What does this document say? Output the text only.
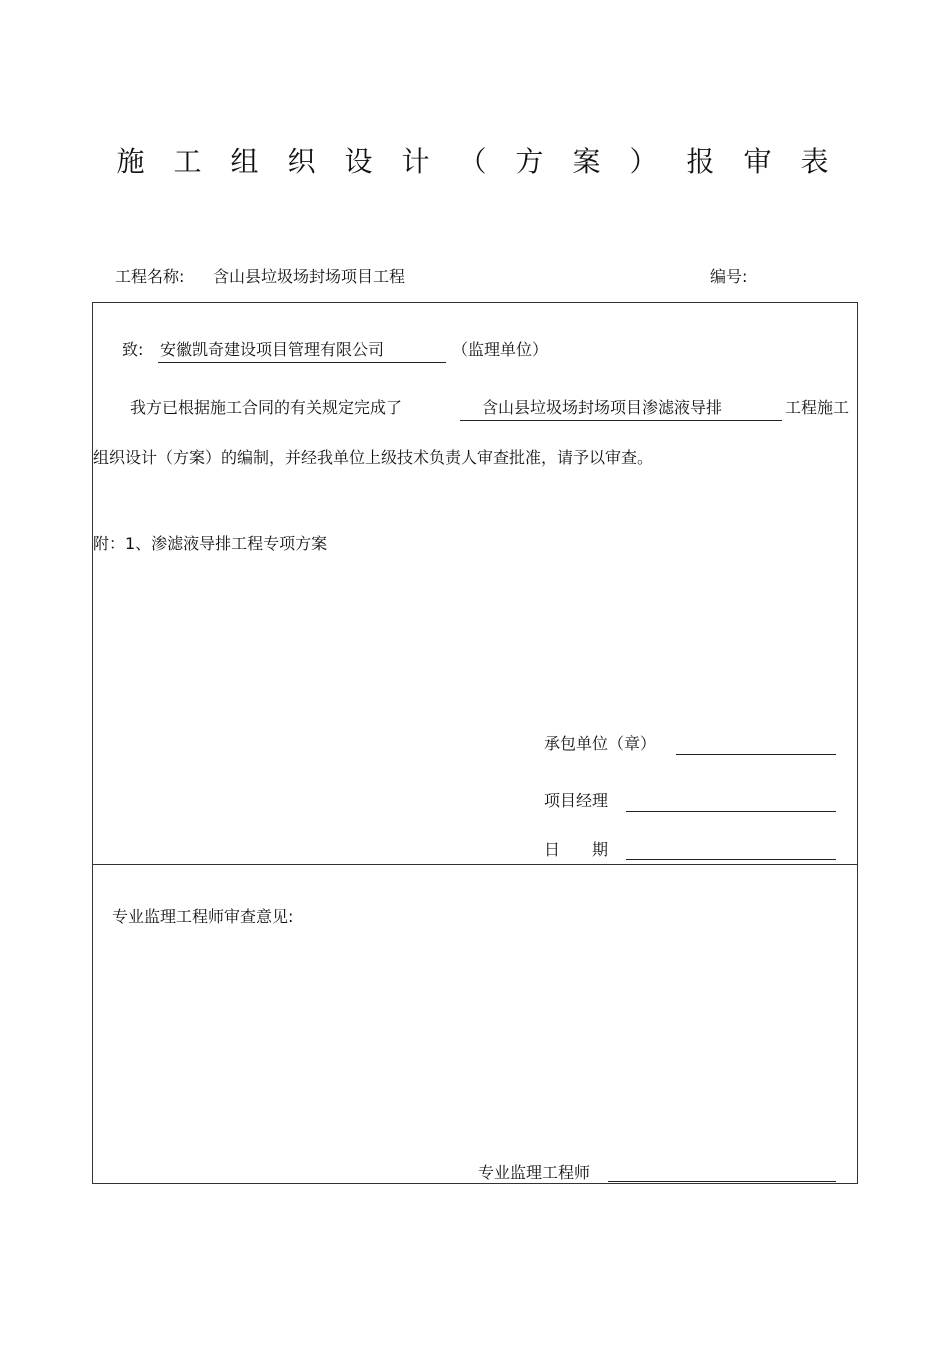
施工组织设计（方案）报审表
工程名称: 含山县垃圾场封场项目工程	编号:
致: 安徽凯奇建设项目管理有限公司	（监理单位）
我方已根据施工合同的有关规定完成了	含山县垃圾场封场项目渗滤液导排	工程施工
组织设计（方案）的编制，并经我单位上级技术负责人审查批准，请予以审查。
附：1、渗滤液导排工程专项方案
承包单位（章）
项目经理
日　　期
专业监理工程师审查意见:
专业监理工程师
